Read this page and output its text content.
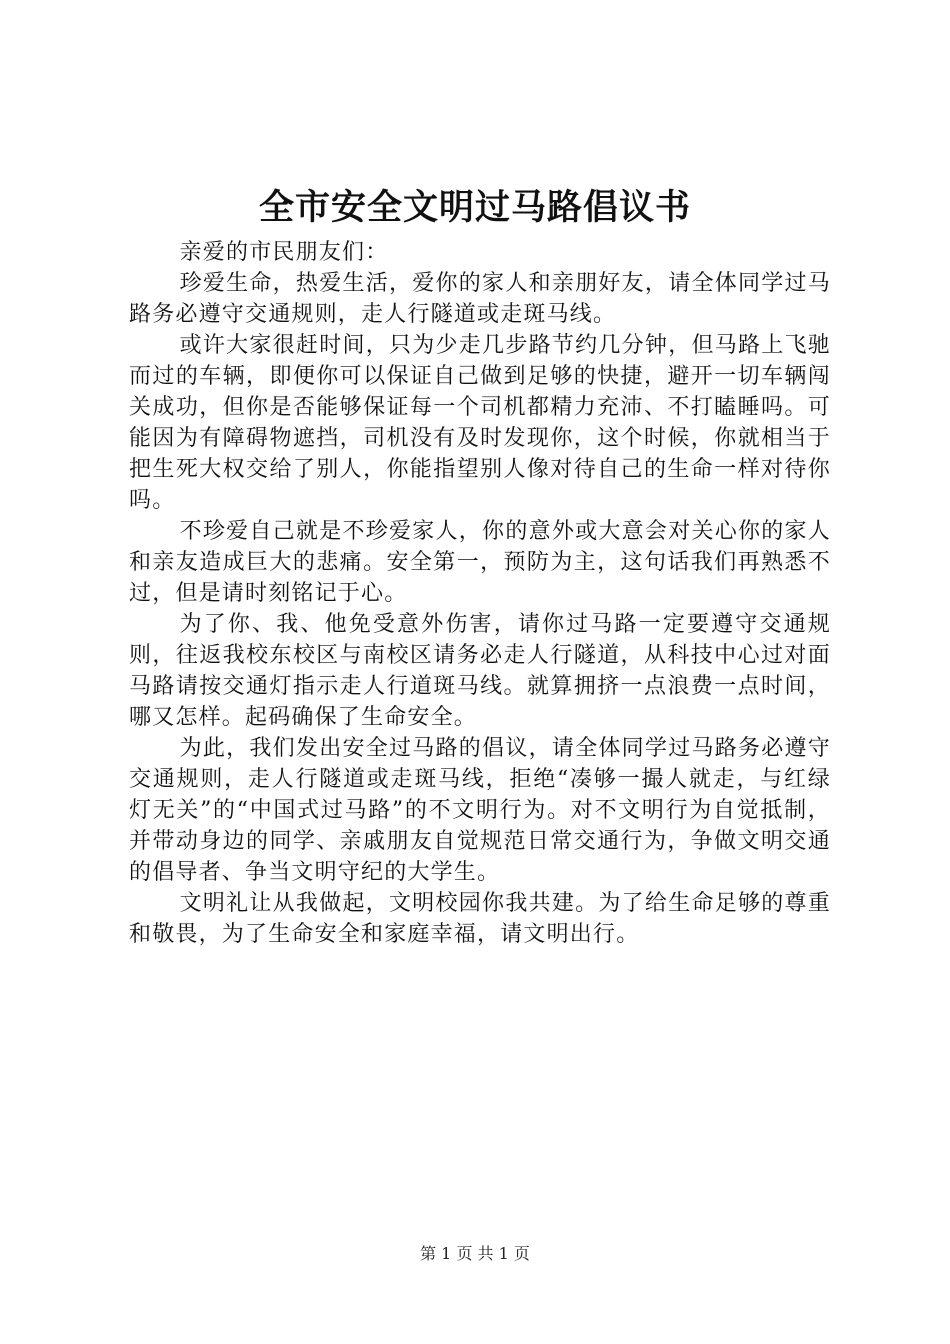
全市安全文明过马路倡议书

亲爱的市民朋友们：

珍爱生命，热爱生活，爱你的家人和亲朋好友，请全体同学过马路务必遵守交通规则，走人行隧道或走斑马线。

或许大家很赶时间，只为少走几步路节约几分钟，但马路上飞驰而过的车辆，即便你可以保证自己做到足够的快捷，避开一切车辆闯关成功，但你是否能够保证每一个司机都精力充沛、不打瞌睡吗。可能因为有障碍物遮挡，司机没有及时发现你，这个时候，你就相当于把生死大权交给了别人，你能指望别人像对待自己的生命一样对待你吗。

不珍爱自己就是不珍爱家人，你的意外或大意会对关心你的家人和亲友造成巨大的悲痛。安全第一，预防为主，这句话我们再熟悉不过，但是请时刻铭记于心。

为了你、我、他免受意外伤害，请你过马路一定要遵守交通规则，往返我校东校区与南校区请务必走人行隧道，从科技中心过对面马路请按交通灯指示走人行道斑马线。就算拥挤一点浪费一点时间，哪又怎样。起码确保了生命安全。

为此，我们发出安全过马路的倡议，请全体同学过马路务必遵守交通规则，走人行隧道或走斑马线，拒绝“凑够一撮人就走，与红绿灯无关”的“中国式过马路”的不文明行为。对不文明行为自觉抵制，并带动身边的同学、亲戚朋友自觉规范日常交通行为，争做文明交通的倡导者、争当文明守纪的大学生。

文明礼让从我做起，文明校园你我共建。为了给生命足够的尊重和敬畏，为了生命安全和家庭幸福，请文明出行。

第 1 页 共 1 页
